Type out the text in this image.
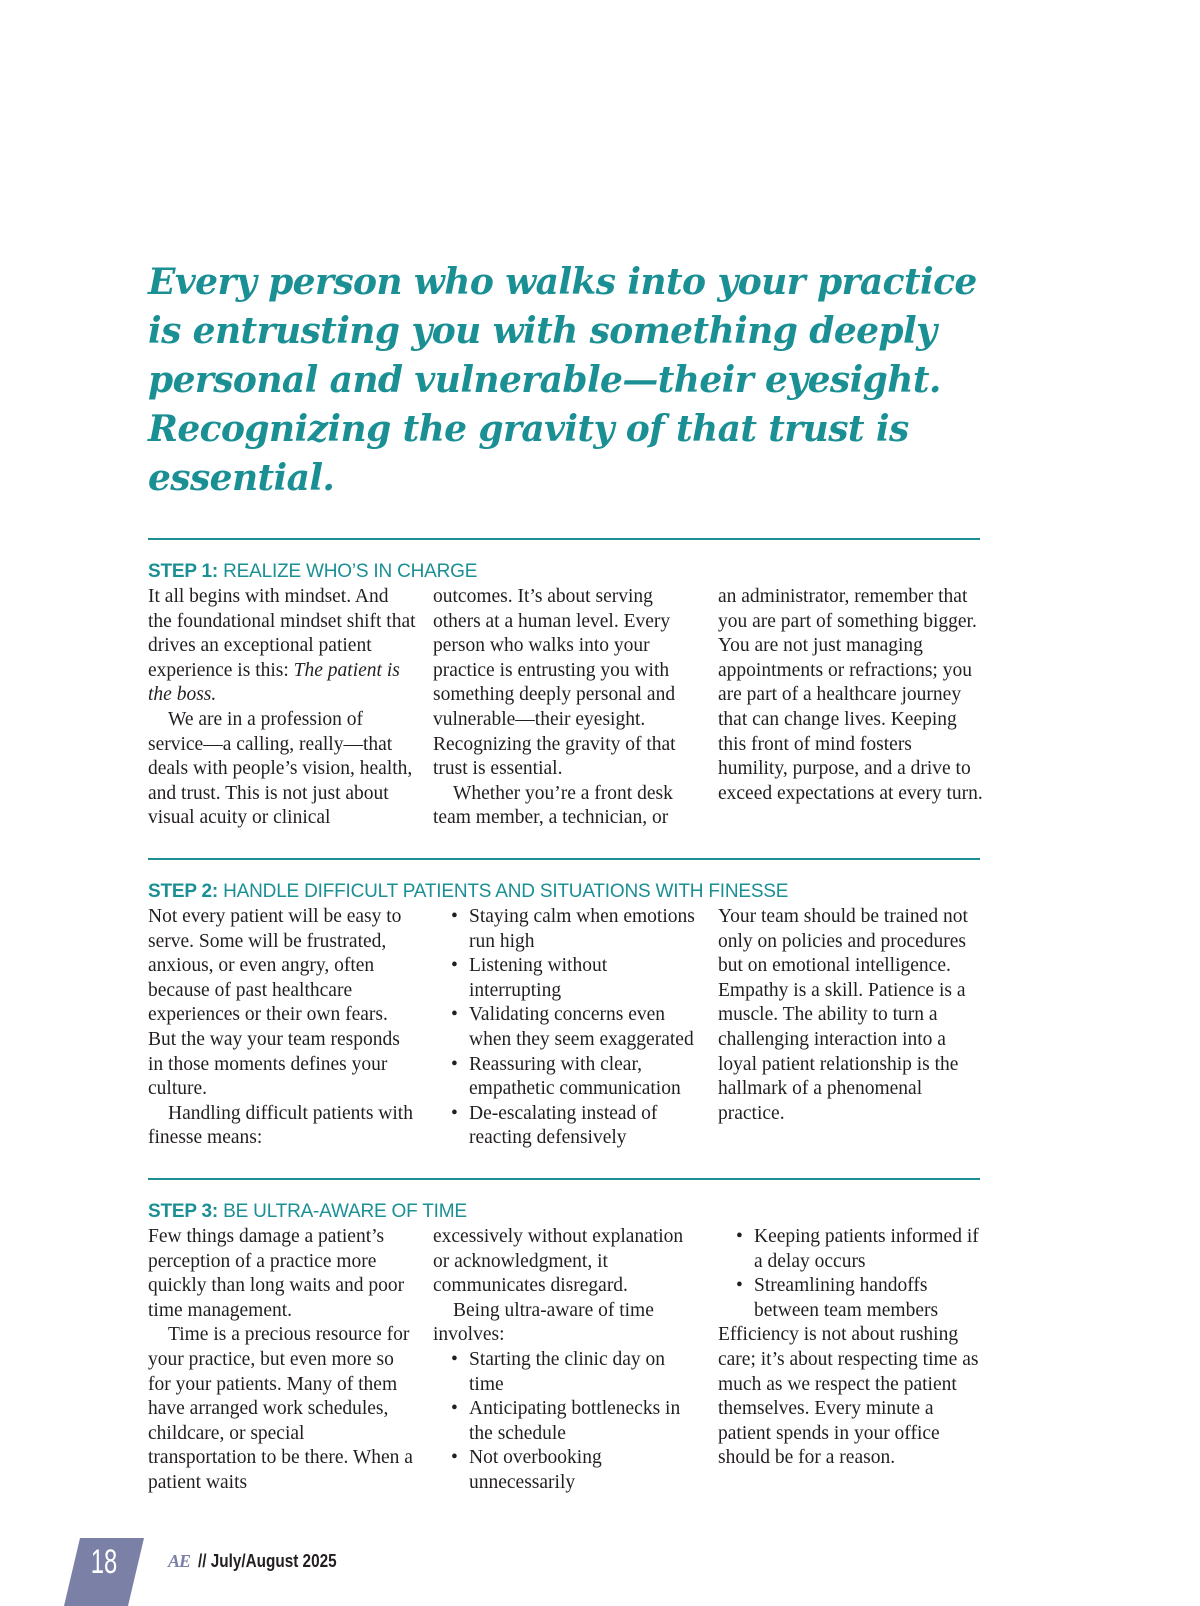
Every person who walks into your practice is entrusting you with something deeply personal and vulnerable—their eyesight. Recognizing the gravity of that trust is essential.
STEP 1: REALIZE WHO’S IN CHARGE

It all begins with mindset. And the foundational mindset shift that drives an exceptional patient experience is this: The patient is the boss.

We are in a profession of service—a calling, really—that deals with people’s vision, health, and trust. This is not just about visual acuity or clinical

outcomes. It’s about serving others at a human level. Every person who walks into your practice is entrusting you with something deeply personal and vulnerable—their eyesight. Recognizing the gravity of that trust is essential.

Whether you’re a front desk team member, a technician, or

an administrator, remember that you are part of something bigger. You are not just managing appointments or refractions; you are part of a healthcare journey that can change lives. Keeping this front of mind fosters humility, purpose, and a drive to exceed expectations at every turn.

STEP 2: HANDLE DIFFICULT PATIENTS AND SITUATIONS WITH FINESSE

Not every patient will be easy to serve. Some will be frustrated, anxious, or even angry, often because of past healthcare experiences or their own fears. But the way your team responds in those moments defines your culture.

Handling difficult patients with finesse means:

• Staying calm when emotions run high
• Listening without interrupting
• Validating concerns even when they seem exaggerated
• Reassuring with clear, empathetic communication
• De-escalating instead of reacting defensively

Your team should be trained not only on policies and procedures but on emotional intelligence. Empathy is a skill. Patience is a muscle. The ability to turn a challenging interaction into a loyal patient relationship is the hallmark of a phenomenal practice.

STEP 3: BE ULTRA-AWARE OF TIME

Few things damage a patient’s perception of a practice more quickly than long waits and poor time management.

Time is a precious resource for your practice, but even more so for your patients. Many of them have arranged work schedules, childcare, or special transportation to be there. When a patient waits

excessively without explanation or acknowledgment, it communicates disregard.

Being ultra-aware of time involves:

• Starting the clinic day on time
• Anticipating bottlenecks in the schedule
• Not overbooking unnecessarily
• Keeping patients informed if a delay occurs
• Streamlining handoffs between team members

Efficiency is not about rushing care; it’s about respecting time as much as we respect the patient themselves. Every minute a patient spends in your office should be for a reason.

18	AE // July/August 2025
